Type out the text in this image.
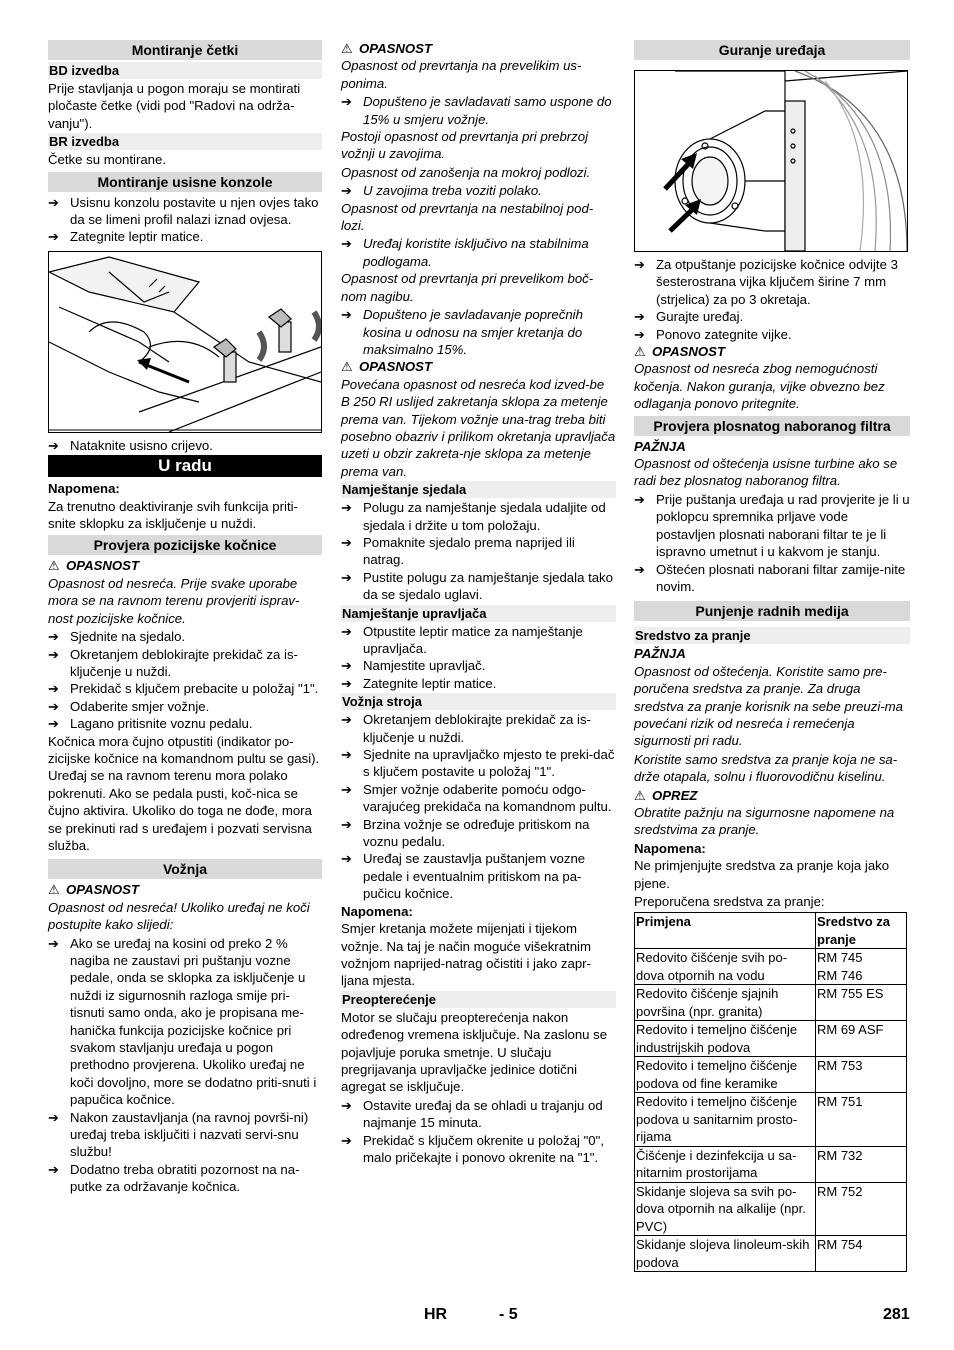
Montiranje četki
BD izvedba
Prije stavljanja u pogon moraju se montirati pločaste četke (vidi pod "Radovi na održa-vanju").
BR izvedba
Četke su montirane.
Montiranje usisne konzole
➔ Usisnu konzolu postavite u njen ovjes tako da se limeni profil nalazi iznad ovjesa.
➔ Zategnite leptir matice.
➔ Nataknite usisno crijevo.
U radu
Napomena:
Za trenutno deaktiviranje svih funkcija priti-snite sklopku za isključenje u nuždi.
Provjera pozicijske kočnice
⚠ OPASNOST
Opasnost od nesreća. Prije svake uporabe mora se na ravnom terenu provjeriti isprav-nost pozicijske kočnice.
➔ Sjednite na sjedalo.
➔ Okretanjem deblokirajte prekidač za is-ključenje u nuždi.
➔ Prekidač s ključem prebacite u položaj "1".
➔ Odaberite smjer vožnje.
➔ Lagano pritisnite voznu pedalu.
Kočnica mora čujno otpustiti (indikator po-zicijske kočnice na komandnom pultu se gasi). Uređaj se na ravnom terenu mora polako pokrenuti. Ako se pedala pusti, koč-nica se čujno aktivira. Ukoliko do toga ne dođe, mora se prekinuti rad s uređajem i pozvati servisna služba.
Vožnja
⚠ OPASNOST
Opasnost od nesreća! Ukoliko uređaj ne koči postupite kako slijedi:
➔ Ako se uređaj na kosini od preko 2 % nagiba ne zaustavi pri puštanju vozne pedale, onda se sklopka za isključenje u nuždi iz sigurnosnih razloga smije pri-tisnuti samo onda, ako je propisana me-hanička funkcija pozicijske kočnice pri svakom stavljanju uređaja u pogon prethodno provjerena. Ukoliko uređaj ne koči dovoljno, more se dodatno priti-snuti i papučica kočnice.
➔ Nakon zaustavljanja (na ravnoj površi-ni) uređaj treba isključiti i nazvati servi-snu službu!
➔ Dodatno treba obratiti pozornost na na-putke za održavanje kočnica.
⚠ OPASNOST
Opasnost od prevrtanja na prevelikim us-ponima.
➔ Dopušteno je savladavati samo uspone do 15% u smjeru vožnje.
Postoji opasnost od prevrtanja pri prebrzoj vožnji u zavojima.
Opasnost od zanošenja na mokroj podlozi.
➔ U zavojima treba voziti polako.
Opasnost od prevrtanja na nestabilnoj pod-lozi.
➔ Uređaj koristite isključivo na stabilnima podlogama.
Opasnost od prevrtanja pri prevelikom boč-nom nagibu.
➔ Dopušteno je savladavanje poprečnih kosina u odnosu na smjer kretanja do maksimalno 15%.
⚠ OPASNOST
Povećana opasnost od nesreća kod izved-be B 250 RI uslijed zakretanja sklopa za metenje prema van. Tijekom vožnje una-trag treba biti posebno obazriv i prilikom okretanja upravljača uzeti u obzir zakreta-nje sklopa za metenje prema van.
Namještanje sjedala
➔ Polugu za namještanje sjedala udaljite od sjedala i držite u tom položaju.
➔ Pomaknite sjedalo prema naprijed ili natrag.
➔ Pustite polugu za namještanje sjedala tako da se sjedalo uglavi.
Namještanje upravljača
➔ Otpustite leptir matice za namještanje upravljača.
➔ Namjestite upravljač.
➔ Zategnite leptir matice.
Vožnja stroja
➔ Okretanjem deblokirajte prekidač za is-ključenje u nuždi.
➔ Sjednite na upravljačko mjesto te preki-dač s ključem postavite u položaj "1".
➔ Smjer vožnje odaberite pomoću odgo-varajućeg prekidača na komandnom pultu.
➔ Brzina vožnje se određuje pritiskom na voznu pedalu.
➔ Uređaj se zaustavlja puštanjem vozne pedale i eventualnim pritiskom na pa-pučicu kočnice.
Napomena:
Smjer kretanja možete mijenjati i tijekom vožnje. Na taj je način moguće višekratnim vožnjom naprijed-natrag očistiti i jako zapr-ljana mjesta.
Preopterećenje
Motor se slučaju preopterećenja nakon određenog vremena isključuje. Na zaslonu se pojavljuje poruka smetnje. U slučaju pregrijavanja upravljačke jedinice dotični agregat se isključuje.
➔ Ostavite uređaj da se ohladi u trajanju od najmanje 15 minuta.
➔ Prekidač s ključem okrenite u položaj "0", malo pričekajte i ponovo okrenite na "1".
Guranje uređaja
➔ Za otpuštanje pozicijske kočnice odvijte 3 šesterostrana vijka ključem širine 7 mm (strjelica) za po 3 okretaja.
➔ Gurajte uređaj.
➔ Ponovo zategnite vijke.
⚠ OPASNOST
Opasnost od nesreća zbog nemogućnosti kočenja. Nakon guranja, vijke obvezno bez odlaganja ponovo pritegnite.
Provjera plosnatog naboranog filtra
PAŽNJA
Opasnost od oštećenja usisne turbine ako se radi bez plosnatog naboranog filtra.
➔ Prije puštanja uređaja u rad provjerite je li u poklopcu spremnika prljave vode postavljen plosnati naborani filtar te je li ispravno umetnut i u kakvom je stanju.
➔ Oštećen plosnati naborani filtar zamije-nite novim.
Punjenje radnih medija
Sredstvo za pranje
PAŽNJA
Opasnost od oštećenja. Koristite samo pre-poručena sredstva za pranje. Za druga sredstva za pranje korisnik na sebe preuzi-ma povećani rizik od nesreća i remećenja sigurnosti pri radu.
Koristite samo sredstva za pranje koja ne sa-drže otapala, solnu i fluorovodičnu kiselinu.
⚠ OPREZ
Obratite pažnju na sigurnosne napomene na sredstvima za pranje.
Napomena:
Ne primjenjujte sredstva za pranje koja jako pjene.
Preporučena sredstva za pranje:
Primjena	Sredstvo za pranje
Redovito čišćenje svih po-dova otpornih na vodu	RM 745
RM 746
Redovito čišćenje sjajnih površina (npr. granita)	RM 755 ES
Redovito i temeljno čišćenje industrijskih podova	RM 69 ASF
Redovito i temeljno čišćenje podova od fine keramike	RM 753
Redovito i temeljno čišćenje podova u sanitarnim prosto-rijama	RM 751
Čišćenje i dezinfekcija u sa-nitarnim prostorijama	RM 732
Skidanje slojeva sa svih po-dova otpornih na alkalije (npr. PVC)	RM 752
Skidanje slojeva linoleum-skih podova	RM 754
HR	- 5	281
